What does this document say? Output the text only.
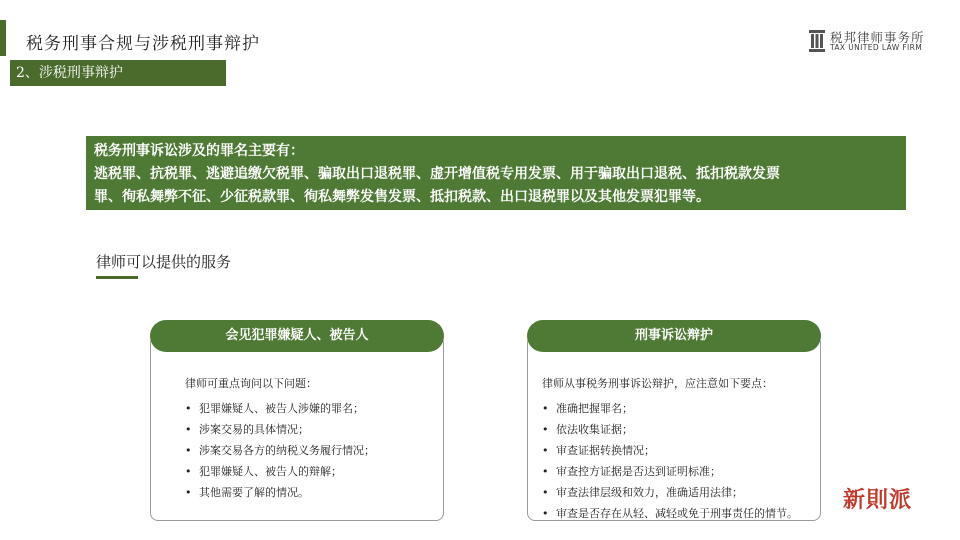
税务刑事合规与涉税刑事辩护	税邦律师事务所
TAX UNITED LAW FIRM
2、涉税刑事辩护
税务刑事诉讼涉及的罪名主要有：
逃税罪、抗税罪、逃避追缴欠税罪、骗取出口退税罪、虚开增值税专用发票、用于骗取出口退税、抵扣税款发票
罪、徇私舞弊不征、少征税款罪、徇私舞弊发售发票、抵扣税款、出口退税罪以及其他发票犯罪等。
律师可以提供的服务
律师可重点询问以下问题：
• 犯罪嫌疑人、被告人涉嫌的罪名；
• 涉案交易的具体情况；
• 涉案交易各方的纳税义务履行情况；
• 犯罪嫌疑人、被告人的辩解；
• 其他需要了解的情况。
会见犯罪嫌疑人、被告人
律师从事税务刑事诉讼辩护，应注意如下要点：
• 准确把握罪名；
• 依法收集证据；
• 审查证据转换情况；
• 审查控方证据是否达到证明标准；
• 审查法律层级和效力，准确适用法律；
• 审查是否存在从轻、减轻或免于刑事责任的情节。
刑事诉讼辩护
新則派
